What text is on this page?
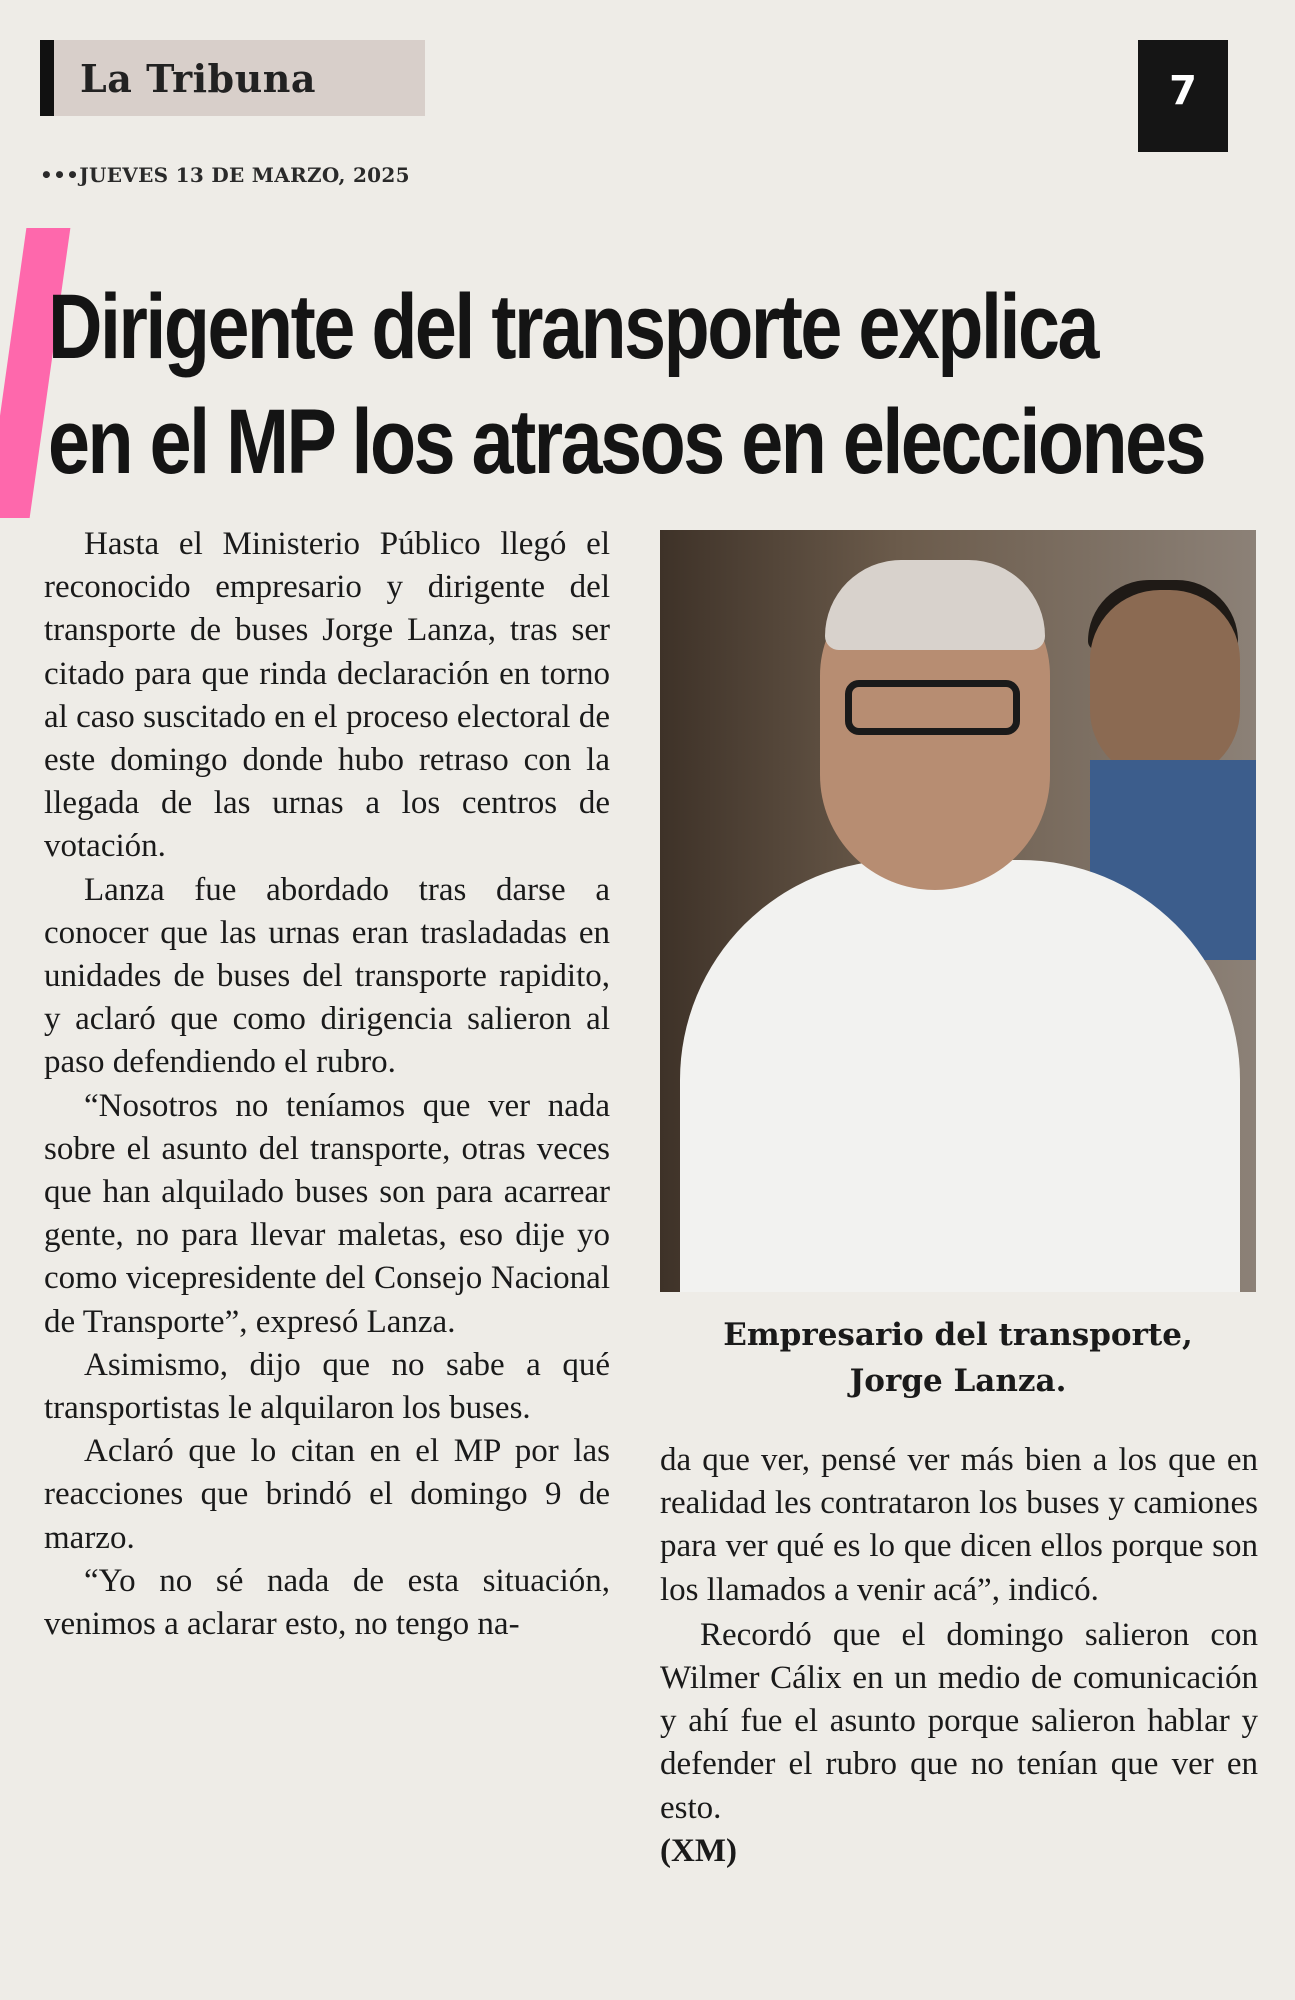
La Tribuna
•••JUEVES 13 DE MARZO, 2025
7
Dirigente del transporte explica
en el MP los atrasos en elecciones

Hasta el Ministerio Público llegó el reconocido empresario y dirigente del transporte de buses Jorge Lanza, tras ser citado para que rinda declaración en torno al caso suscitado en el proceso electoral de este domingo donde hubo retraso con la llegada de las urnas a los centros de votación.

Lanza fue abordado tras darse a conocer que las urnas eran trasladadas en unidades de buses del transporte rapidito, y aclaró que como dirigencia salieron al paso defendiendo el rubro.

“Nosotros no teníamos que ver nada sobre el asunto del transporte, otras veces que han alquilado buses son para acarrear gente, no para llevar maletas, eso dije yo como vicepresidente del Consejo Nacional de Transporte”, expresó Lanza.

Asimismo, dijo que no sabe a qué transportistas le alquilaron los buses.

Aclaró que lo citan en el MP por las reacciones que brindó el domingo 9 de marzo.

“Yo no sé nada de esta situación, venimos a aclarar esto, no tengo na-

Empresario del transporte,
Jorge Lanza.

da que ver, pensé ver más bien a los que en realidad les contrataron los buses y camiones para ver qué es lo que dicen ellos porque son los llamados a venir acá”, indicó.

Recordó que el domingo salieron con Wilmer Cálix en un medio de comunicación y ahí fue el asunto porque salieron hablar y defender el rubro que no tenían que ver en esto.
(XM)
